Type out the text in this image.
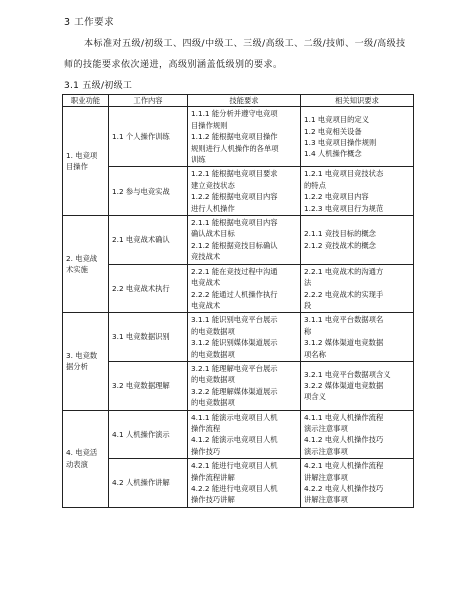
3 工作要求
本标准对五级/初级工、四级/中级工、三级/高级工、二级/技师、一级/高级技师的技能要求依次递进，高级别涵盖低级别的要求。
3.1 五级/初级工
职业功能	工作内容	技能要求	相关知识要求

1. 电竞项
目操作	1.1 个人操作训练	1.1.1 能分析并遵守电竞项
目操作规则
1.1.2 能根据电竞项目操作
规则进行人机操作的各单项
训练	1.1 电竞项目的定义
1.2 电竞相关设备
1.3 电竞项目操作规则
1.4 人机操作概念

	1.2 参与电竞实战	1.2.1 能根据电竞项目要求
建立竞技状态
1.2.2 能根据电竞项目内容
进行人机操作	1.2.1 电竞项目竞技状态
的特点
1.2.2 电竞项目内容
1.2.3 电竞项目行为规范

2. 电竞战
术实施	2.1 电竞战术确认	2.1.1 能根据电竞项目内容
确认战术目标
2.1.2 能根据竞技目标确认
竞技战术	2.1.1 竞技目标的概念
2.1.2 竞技战术的概念

	2.2 电竞战术执行	2.2.1 能在竞技过程中沟通
电竞战术
2.2.2 能通过人机操作执行
电竞战术	2.2.1 电竞战术的沟通方
法
2.2.2 电竞战术的实现手
段

3. 电竞数
据分析	3.1 电竞数据识别	3.1.1 能识别电竞平台展示
的电竞数据项
3.1.2 能识别媒体渠道展示
的电竞数据项	3.1.1 电竞平台数据项名
称
3.1.2 媒体渠道电竞数据
项名称

	3.2 电竞数据理解	3.2.1 能理解电竞平台展示
的电竞数据项
3.2.2 能理解媒体渠道展示
的电竞数据项	3.2.1 电竞平台数据项含义
3.2.2 媒体渠道电竞数据
项含义

4. 电竞活
动表演	4.1 人机操作演示	4.1.1 能演示电竞项目人机
操作流程
4.1.2 能演示电竞项目人机
操作技巧	4.1.1 电竞人机操作流程
演示注意事项
4.1.2 电竞人机操作技巧
演示注意事项

	4.2 人机操作讲解	4.2.1 能进行电竞项目人机
操作流程讲解
4.2.2 能进行电竞项目人机
操作技巧讲解	4.2.1 电竞人机操作流程
讲解注意事项
4.2.2 电竞人机操作技巧
讲解注意事项
